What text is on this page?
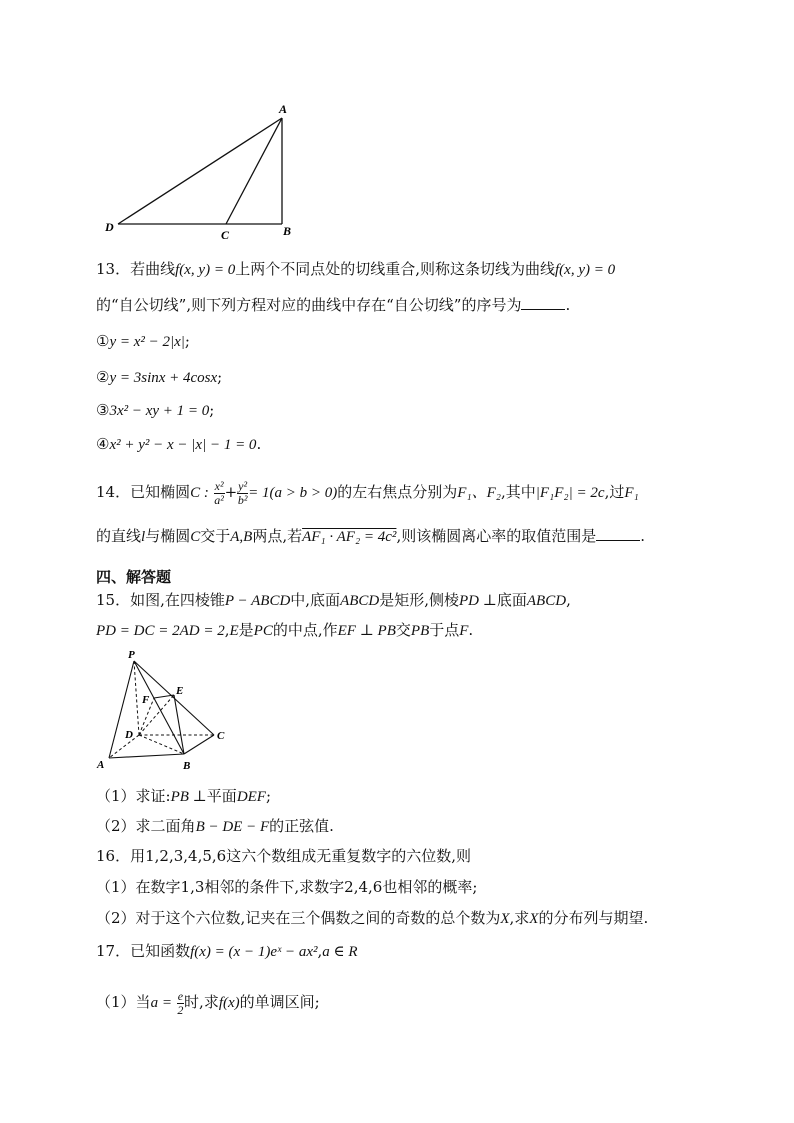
A
D
C	B
13．若曲线f(x, y) = 0上两个不同点处的切线重合,则称这条切线为曲线f(x, y) = 0
的“自公切线”,则下列方程对应的曲线中存在“自公切线”的序号为	.
①y = x² − 2|x|;
②y = 3sinx + 4cosx;
③3x² − xy + 1 = 0;
④x² + y² − x − |x| − 1 = 0.
14．已知椭圆C : $\frac{\text{x²}}{\text{a²}} + \frac{\text{y²}}{\text{b²}} = 1(a > b > 0)$的左右焦点分别为F₁、F₂,其中|F₁F₂| = 2c,过F₁
的直线l与椭圆C交于A,B两点,若AF₁ · AF₂ = 4c²,则该椭圆离心率的取值范围是	.
四、解答题
15．如图,在四棱锥P − ABCD中,底面ABCD是矩形,侧棱PD ⊥底面ABCD,
PD = DC = 2AD = 2,E是PC的中点,作EF ⊥ PB交PB于点F.
P
E
F
D	C
A	B
（1）求证:PB ⊥平面DEF;
（2）求二面角B − DE − F的正弦值.
16．用1,2,3,4,5,6这六个数组成无重复数字的六位数,则
（1）在数字1,3相邻的条件下,求数字2,4,6也相邻的概率;
（2）对于这个六位数,记夹在三个偶数之间的奇数的总个数为X,求X的分布列与期望.
17．已知函数f(x) = (x − 1)eˣ − ax²,a ∈ R
（1）当$a = \frac{e}{2}$ 时,求f(x)的单调区间;
